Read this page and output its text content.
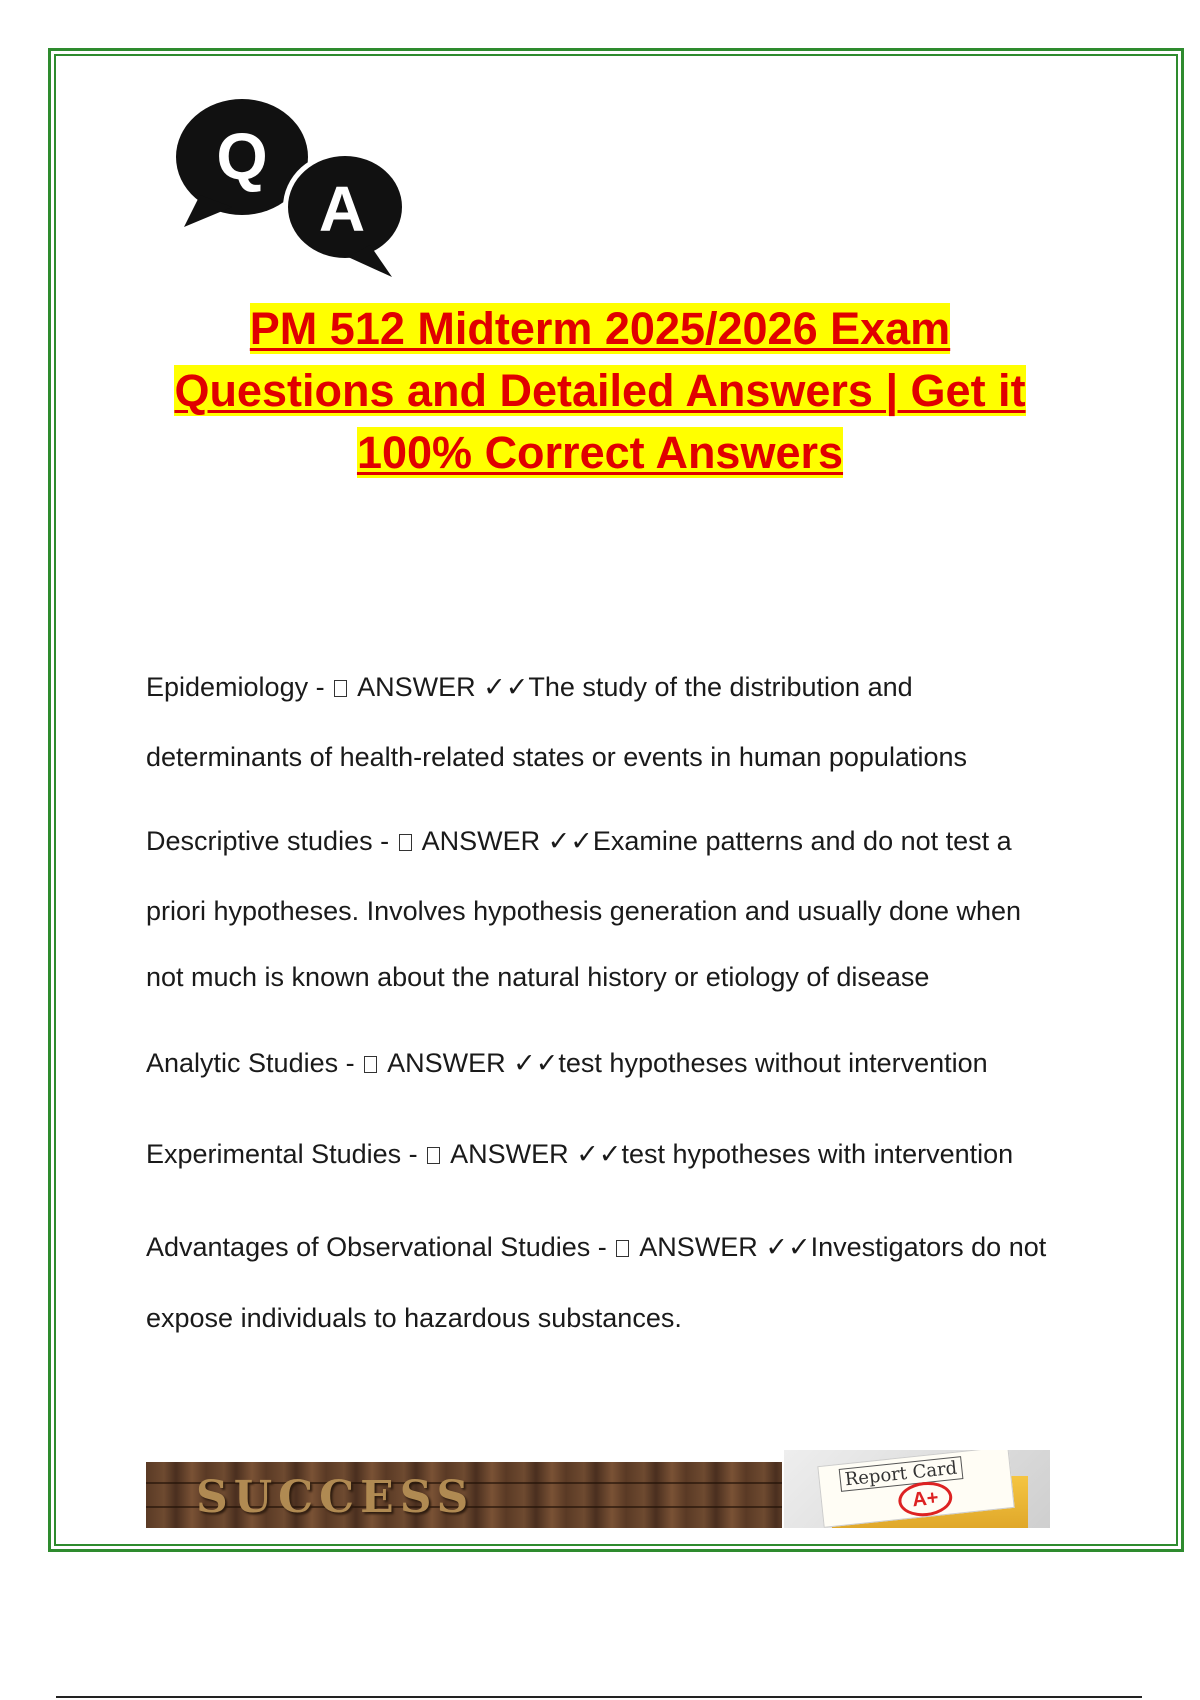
Q
A
PM 512 Midterm 2025/2026 Exam
Questions and Detailed Answers | Get it
100% Correct Answers
Epidemiology -  ANSWER ✓✓The study of the distribution and
determinants of health-related states or events in human populations
Descriptive studies -  ANSWER ✓✓Examine patterns and do not test a
priori hypotheses. Involves hypothesis generation and usually done when
not much is known about the natural history or etiology of disease
Analytic Studies -  ANSWER ✓✓test hypotheses without intervention
Experimental Studies -  ANSWER ✓✓test hypotheses with intervention
Advantages of Observational Studies -  ANSWER ✓✓Investigators do not
expose individuals to hazardous substances.
SUCCESS	Report Card
A+
